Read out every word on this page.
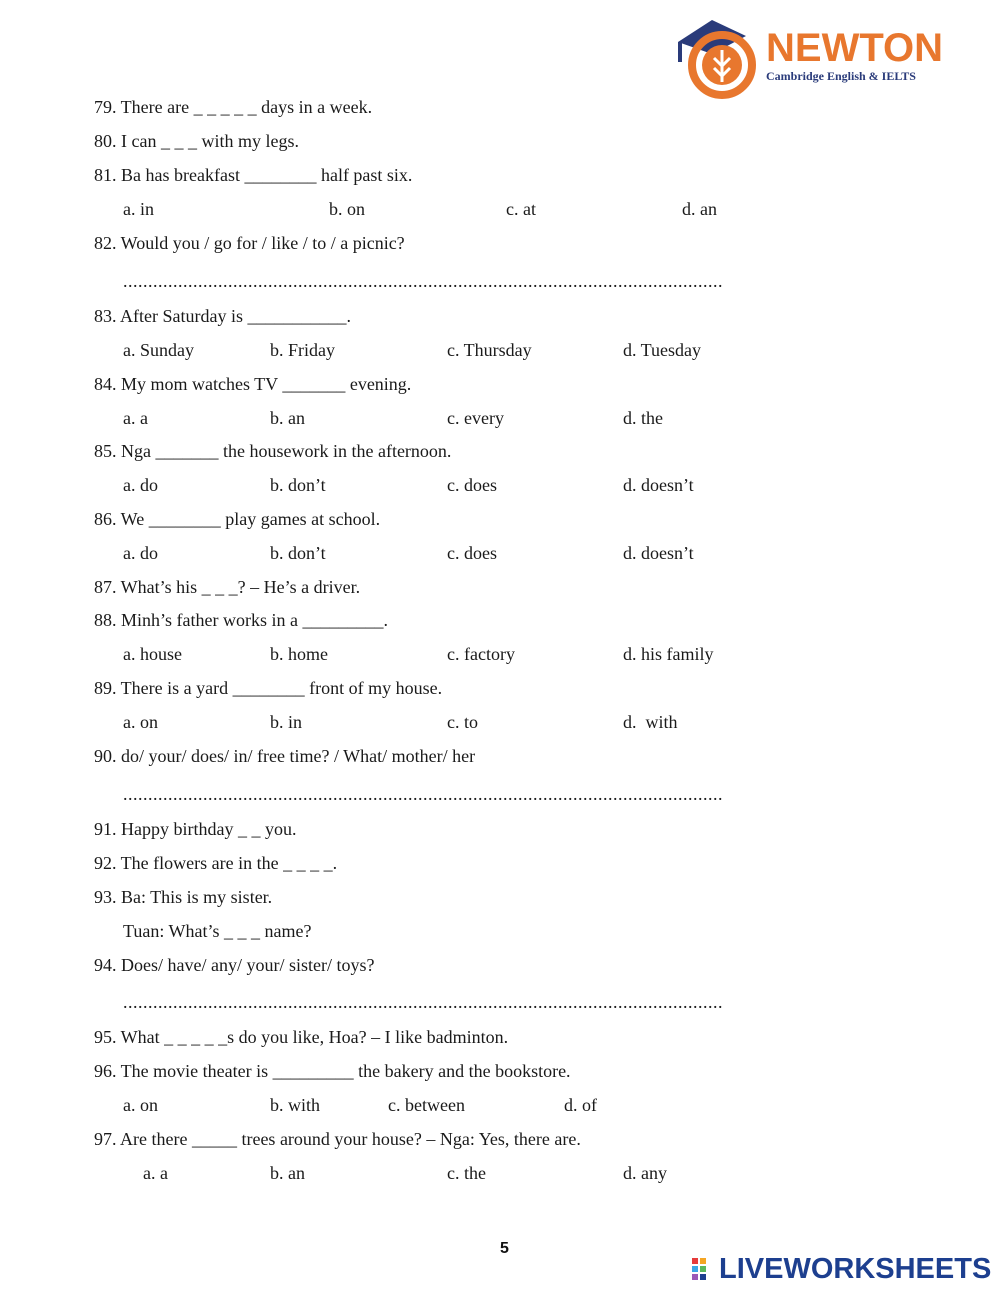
NEWTON
Cambridge English & IELTS
79. There are _ _ _ _ _ days in a week.
80. I can _ _ _ with my legs.
81. Ba has breakfast ________ half past six.
a. in	b. on	c. at	d. an
82. Would you / go for / like / to / a picnic?
........................................................................................................................
83. After Saturday is ___________.
a. Sunday	b. Friday	c. Thursday	d. Tuesday
84. My mom watches TV _______ evening.
a. a	b. an	c. every	d. the
85. Nga _______ the housework in the afternoon.
a. do	b. don’t	c. does	d. doesn’t
86. We ________ play games at school.
a. do	b. don’t	c. does	d. doesn’t
87. What’s his _ _ _? – He’s a driver.
88. Minh’s father works in a _________.
a. house	b. home	c. factory	d. his family
89. There is a yard ________ front of my house.
a. on	b. in	c. to	d.  with
90. do/ your/ does/ in/ free time? / What/ mother/ her
........................................................................................................................
91. Happy birthday _ _ you.
92. The flowers are in the _ _ _ _.
93. Ba: This is my sister.
Tuan: What’s _ _ _ name?
94. Does/ have/ any/ your/ sister/ toys?
........................................................................................................................
95. What _ _ _ _ _s do you like, Hoa? – I like badminton.
96. The movie theater is _________ the bakery and the bookstore.
a. on	b. with	c. between	d. of
97. Are there _____ trees around your house? – Nga: Yes, there are.
a. a	b. an	c. the	d. any
5
LIVEWORKSHEETS
